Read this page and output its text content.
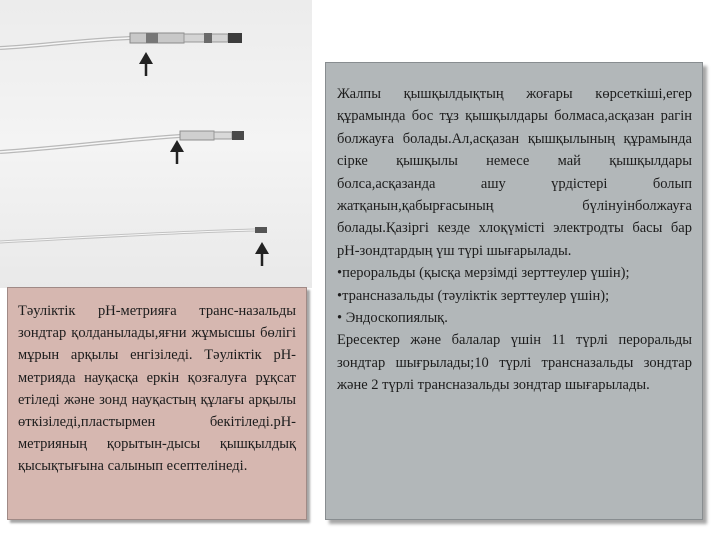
Тәуліктік рН-метрияға транс-назальды зондтар қолданылады,яғни жұмысшы бөлігі мұрын арқылы енгізіледі. Тәуліктік рН-метрияда науқасқа еркін қозғалуға рұқсат етіледі және зонд науқастың құлағы арқылы өткізіледі,пластырмен бекітіледі.рН-метрияның қорытын-дысы қышқылдық қысықтығына салынып есептелінеді.

Жалпы қышқылдықтың жоғары көрсеткіші,егер құрамында бос тұз қышқылдары болмаса,асқазан рагін болжауға болады.Ал,асқазан қышқылының құрамында сірке қышқылы немесе май қышқылдары болса,асқазанда ашу үрдістері болып жатқанын,қабырғасының бүлінуінболжауға болады.Қазіргі кезде хлоқүмісті электродты басы бар рН-зондтардың үш түрі шығарылады.

•пероральды (қысқа мерзімді зерттеулер үшін);

•трансназальды (тәуліктік зерттеулер үшін);

• Эндоскопиялық.

Ересектер және балалар үшін 11 түрлі пероральды зондтар шығрылады;10 түрлі трансназальды зондтар және 2 түрлі трансназальды зондтар шығарылады.
